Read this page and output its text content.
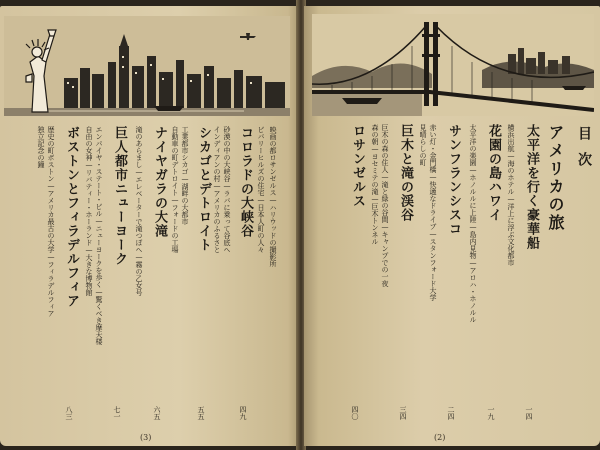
映画の都ロサンゼルス—ハリウッドの撮影所
ビバリーヒルズの住宅—日本人町の人々
コロラドの大峡谷
四九
砂漠の中の大峡谷—ラバに乗って谷底へ
インディアンの村—アメリカのふるさと
シカゴとデトロイト
五五
工業都市シカゴ—湖畔の大都市
自動車の町デトロイト—フォードの工場
ナイヤガラの大滝
六五
滝のあらまし—エレベーターで滝つぼへ—霧の乙女号
巨人都市ニューヨーク
七一
エンパイヤ・ステート・ビル—ニューヨークを歩く—驚くべき摩天楼
自由の女神—リバティー・ホーランド—大きな博物館
ボストンとフィラデルフィア
八三
歴史の町ボストン—アメリカ最古の大学—フィラデルフィア
独立記念の鐘
(3)
目次
アメリカの旅
太平洋を行く豪華船
一四
横浜出航—海のホテル—洋上に浮ぶ文化都市
花園の島ハワイ
一九
太平洋の楽園—ホノルルに上陸—島内見物—アロハ・ホノルル
サンフランシスコ
二四
赤い灯・金門橋—快適なドライブ—スタンフォード大学
見晴らしの町
巨木と滝の渓谷
三四
巨木の森の住人—滝と緑の谷間—キャンプでの一夜
森の朝—ヨセミテの滝—巨木トンネル
ロサンゼルス
四〇
(2)
